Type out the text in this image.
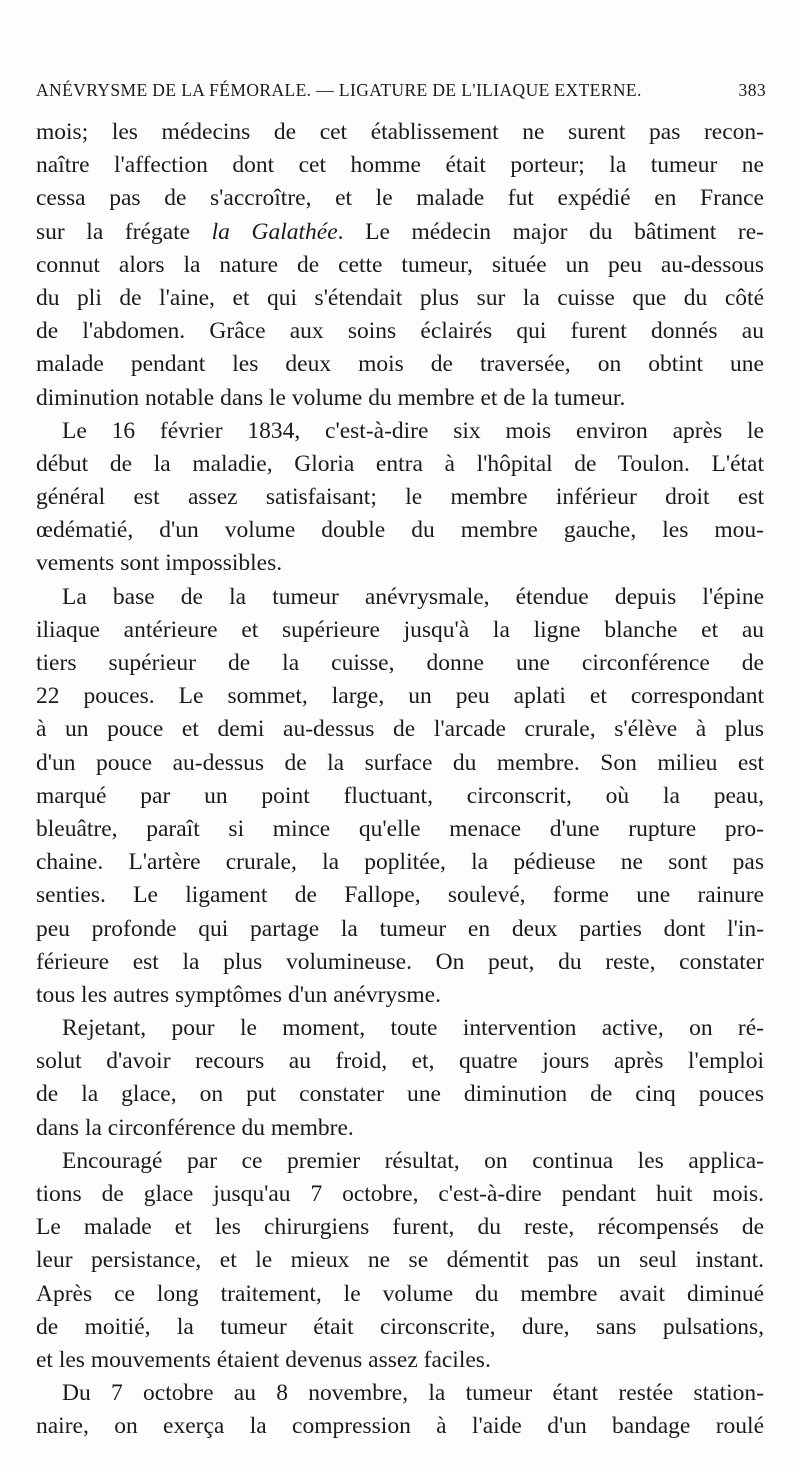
ANÉVRYSME DE LA FÉMORALE. — LIGATURE DE L'ILIAQUE EXTERNE.	383
mois; les médecins de cet établissement ne surent pas recon-
naître l'affection dont cet homme était porteur; la tumeur ne
cessa pas de s'accroître, et le malade fut expédié en France
sur la frégate la Galathée. Le médecin major du bâtiment re-
connut alors la nature de cette tumeur, située un peu au-dessous
du pli de l'aine, et qui s'étendait plus sur la cuisse que du côté
de l'abdomen. Grâce aux soins éclairés qui furent donnés au
malade pendant les deux mois de traversée, on obtint une
diminution notable dans le volume du membre et de la tumeur.
Le 16 février 1834, c'est-à-dire six mois environ après le
début de la maladie, Gloria entra à l'hôpital de Toulon. L'état
général est assez satisfaisant; le membre inférieur droit est
œdématié, d'un volume double du membre gauche, les mou-
vements sont impossibles.
La base de la tumeur anévrysmale, étendue depuis l'épine
iliaque antérieure et supérieure jusqu'à la ligne blanche et au
tiers supérieur de la cuisse, donne une circonférence de
22 pouces. Le sommet, large, un peu aplati et correspondant
à un pouce et demi au-dessus de l'arcade crurale, s'élève à plus
d'un pouce au-dessus de la surface du membre. Son milieu est
marqué par un point fluctuant, circonscrit, où la peau,
bleuâtre, paraît si mince qu'elle menace d'une rupture pro-
chaine. L'artère crurale, la poplitée, la pédieuse ne sont pas
senties. Le ligament de Fallope, soulevé, forme une rainure
peu profonde qui partage la tumeur en deux parties dont l'in-
férieure est la plus volumineuse. On peut, du reste, constater
tous les autres symptômes d'un anévrysme.
Rejetant, pour le moment, toute intervention active, on ré-
solut d'avoir recours au froid, et, quatre jours après l'emploi
de la glace, on put constater une diminution de cinq pouces
dans la circonférence du membre.
Encouragé par ce premier résultat, on continua les applica-
tions de glace jusqu'au 7 octobre, c'est-à-dire pendant huit mois.
Le malade et les chirurgiens furent, du reste, récompensés de
leur persistance, et le mieux ne se démentit pas un seul instant.
Après ce long traitement, le volume du membre avait diminué
de moitié, la tumeur était circonscrite, dure, sans pulsations,
et les mouvements étaient devenus assez faciles.
Du 7 octobre au 8 novembre, la tumeur étant restée station-
naire, on exerça la compression à l'aide d'un bandage roulé
